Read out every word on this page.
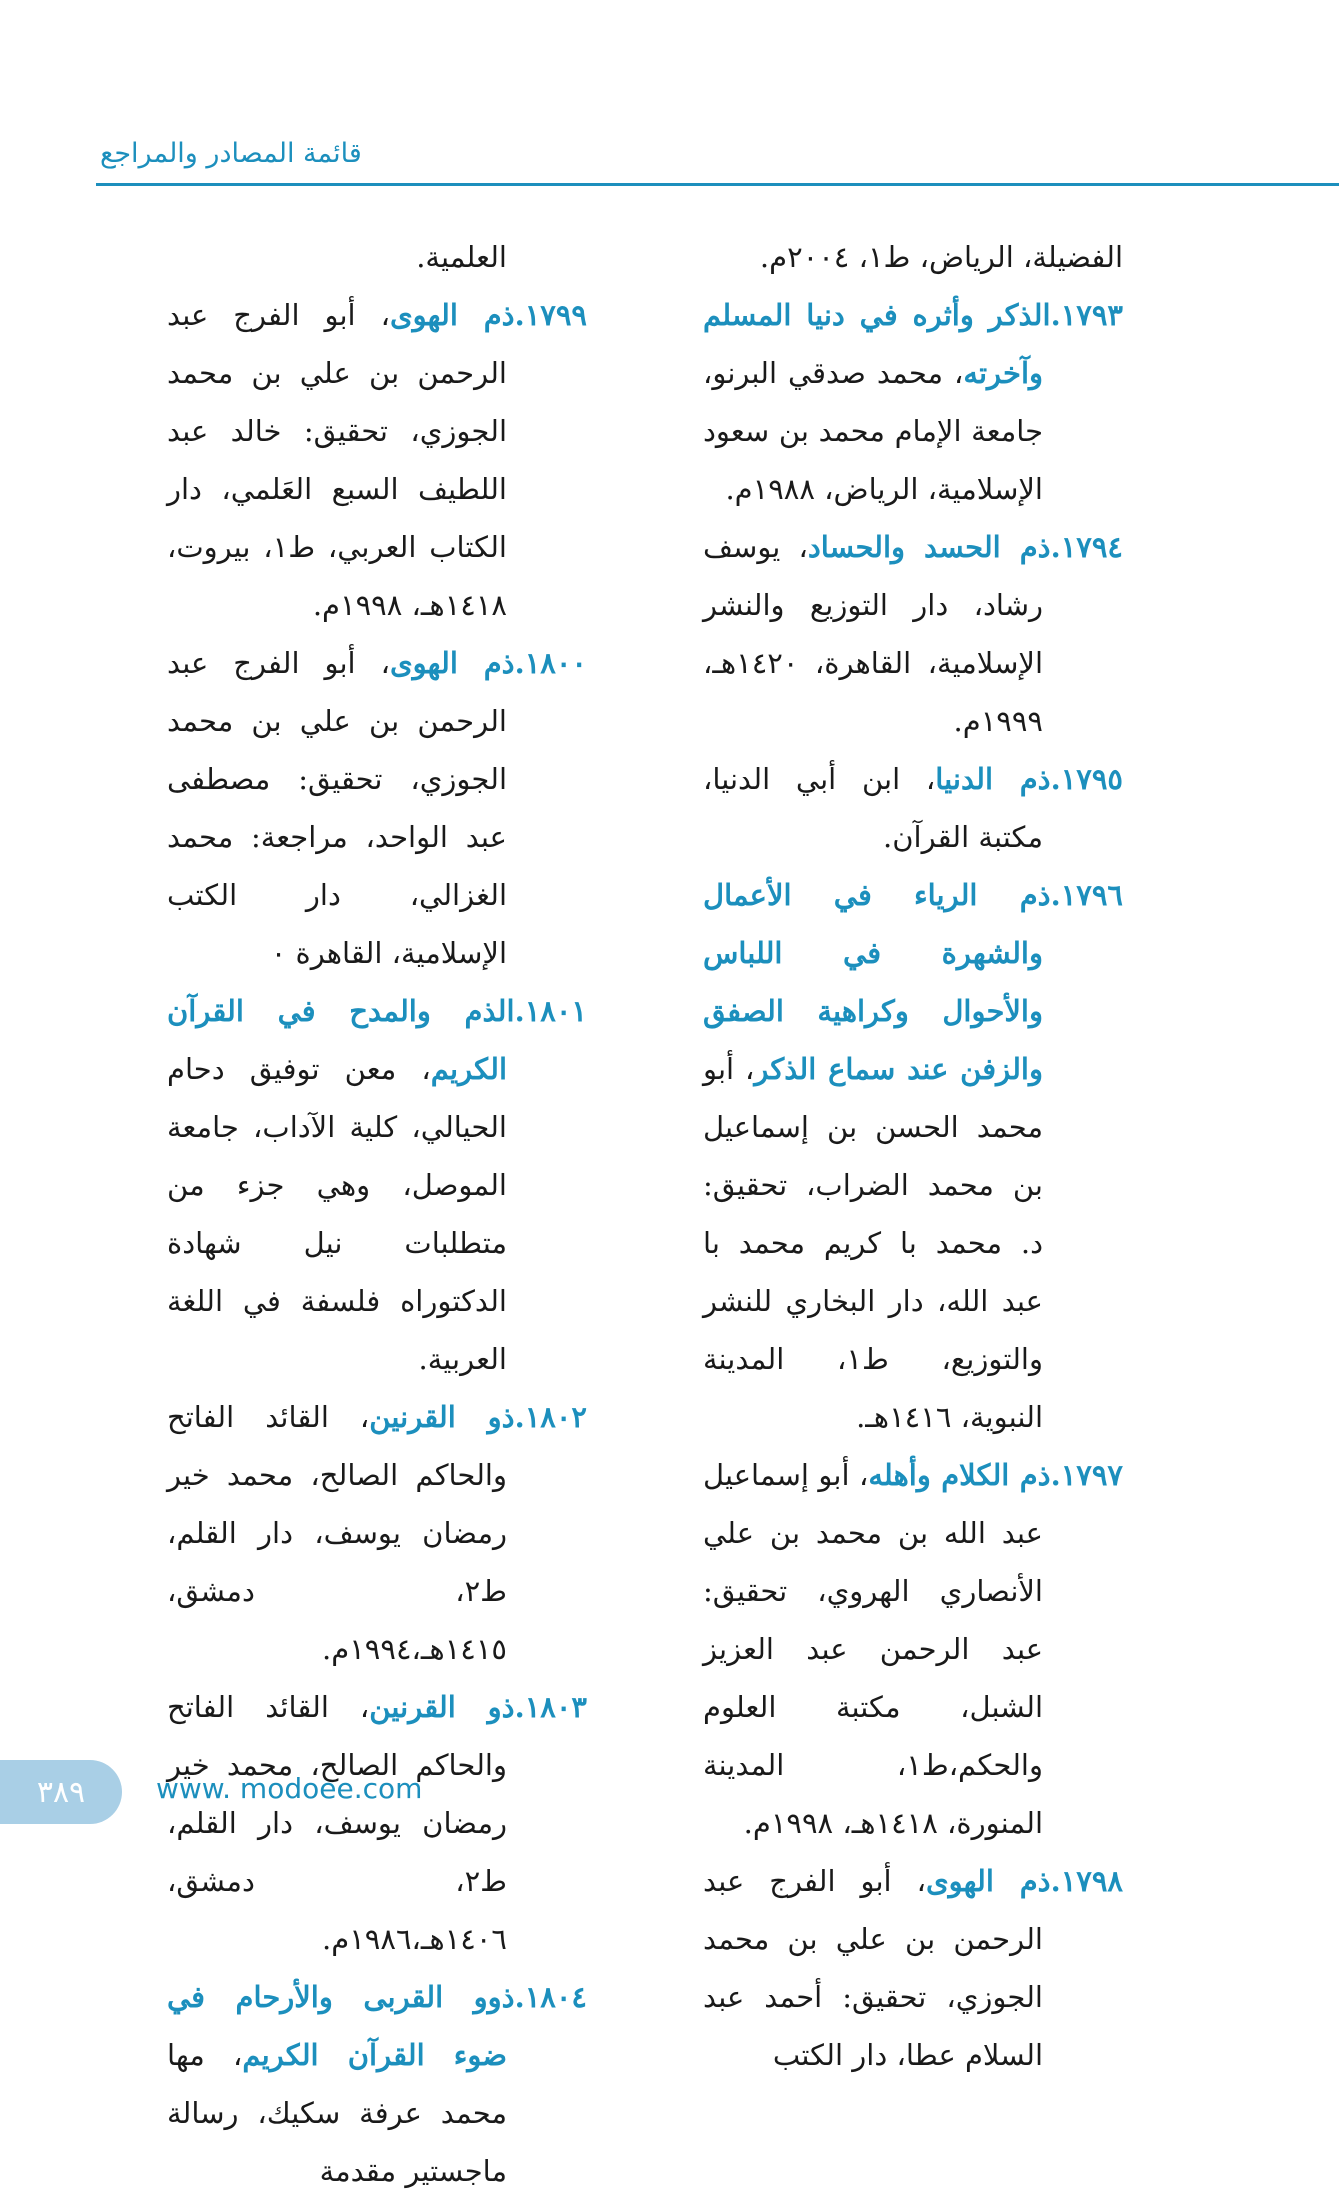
قائمة المصادر والمراجع

الفضيلة، الرياض، ط١، ٢٠٠٤م.

١٧٩٣.الذكر وأثره في دنيا المسلم وآخرته، محمد صدقي البرنو، جامعة الإمام محمد بن سعود الإسلامية، الرياض، ١٩٨٨م.

١٧٩٤.ذم الحسد والحساد، يوسف رشاد، دار التوزيع والنشر الإسلامية، القاهرة، ١٤٢٠هـ، ١٩٩٩م.

١٧٩٥.ذم الدنيا، ابن أبي الدنيا، مكتبة القرآن.

١٧٩٦.ذم الرياء في الأعمال والشهرة في اللباس والأحوال وكراهية الصفق والزفن عند سماع الذكر، أبو محمد الحسن بن إسماعيل بن محمد الضراب، تحقيق: د. محمد با كريم محمد با عبد الله، دار البخاري للنشر والتوزيع، ط١، المدينة النبوية، ١٤١٦هـ.

١٧٩٧.ذم الكلام وأهله، أبو إسماعيل عبد الله بن محمد بن علي الأنصاري الهروي، تحقيق: عبد الرحمن عبد العزيز الشبل، مكتبة العلوم والحكم،ط١، المدينة المنورة، ١٤١٨هـ، ١٩٩٨م.

١٧٩٨.ذم الهوى، أبو الفرج عبد الرحمن بن علي بن محمد الجوزي، تحقيق: أحمد عبد السلام عطا، دار الكتب

العلمية.

١٧٩٩.ذم الهوى، أبو الفرج عبد الرحمن بن علي بن محمد الجوزي، تحقيق: خالد عبد اللطيف السبع العَلمي، دار الكتاب العربي، ط١، بيروت، ١٤١٨هـ، ١٩٩٨م.

١٨٠٠.ذم الهوى، أبو الفرج عبد الرحمن بن علي بن محمد الجوزي، تحقيق: مصطفى عبد الواحد، مراجعة: محمد الغزالي، دار الكتب الإسلامية، القاهرة ٠

١٨٠١.الذم والمدح في القرآن الكريم، معن توفيق دحام الحيالي، كلية الآداب، جامعة الموصل، وهي جزء من متطلبات نيل شهادة الدكتوراه فلسفة في اللغة العربية.

١٨٠٢.ذو القرنين، القائد الفاتح والحاكم الصالح، محمد خير رمضان يوسف، دار القلم، ط٢، دمشق، ١٤١٥هـ،١٩٩٤م.

١٨٠٣.ذو القرنين، القائد الفاتح والحاكم الصالح، محمد خير رمضان يوسف، دار القلم، ط٢، دمشق، ١٤٠٦هـ،١٩٨٦م.

١٨٠٤.ذوو القربى والأرحام في ضوء القرآن الكريم، مها محمد عرفة سكيك، رسالة ماجستير مقدمة

٣٨٩	www. modoee.com
